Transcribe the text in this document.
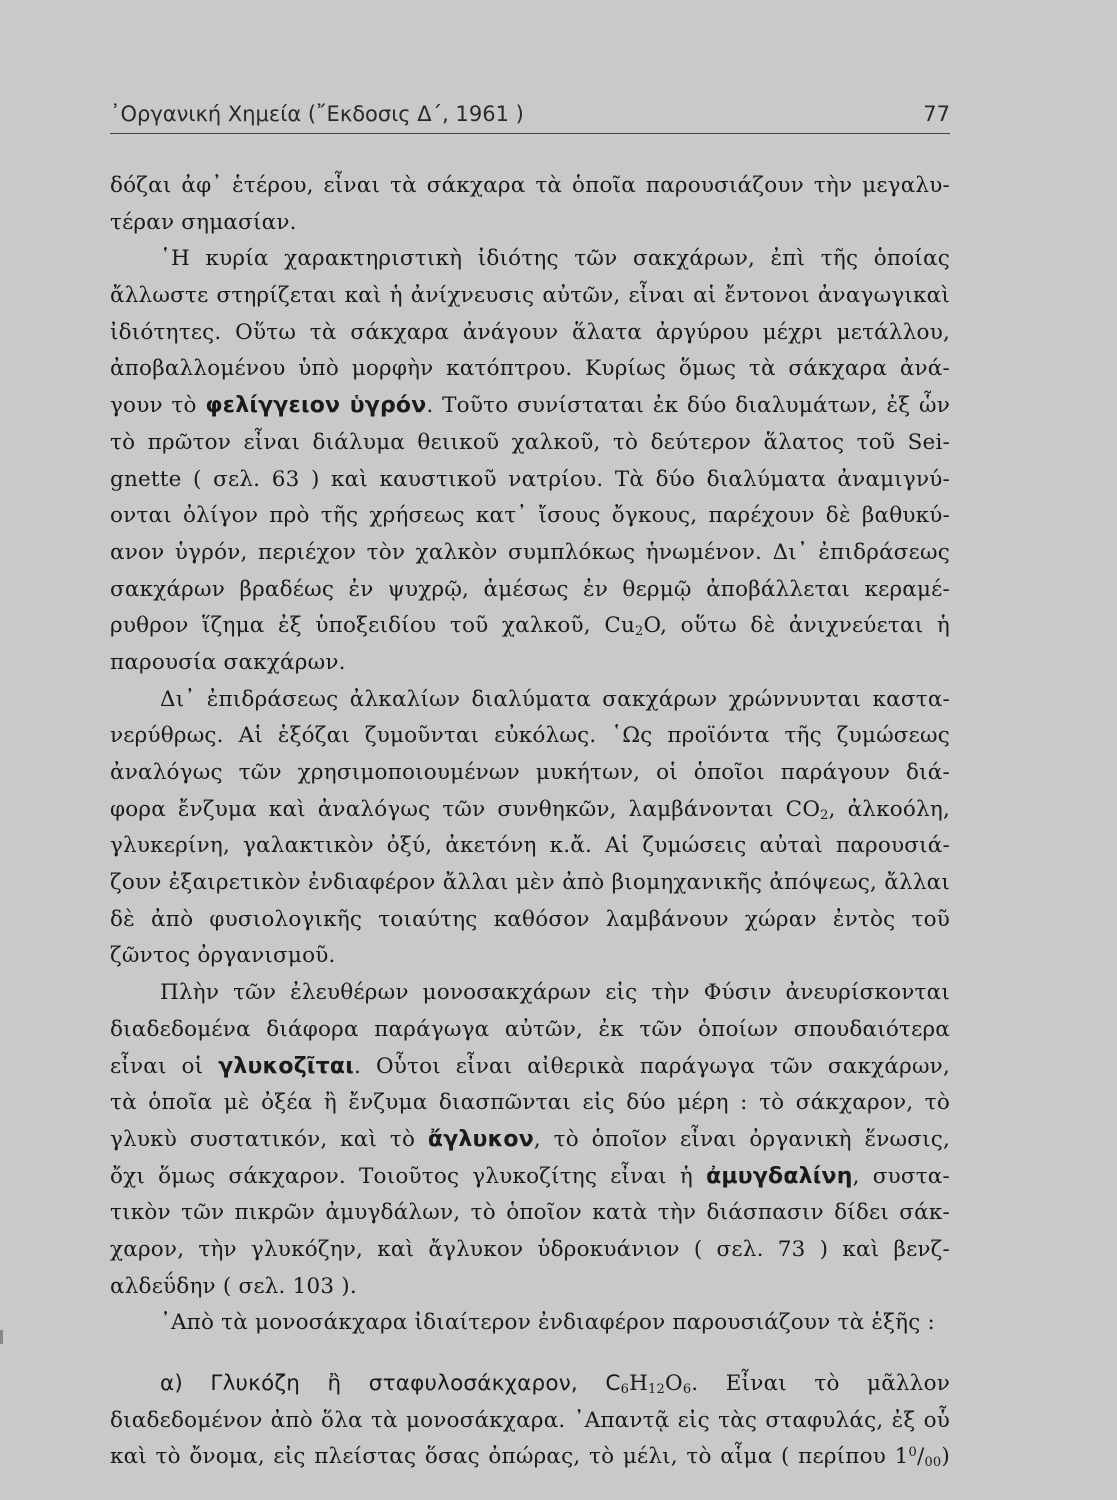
᾿Οργανική Χημεία (῎Εκδοσις Δ΄, 1961 )	77
δόζαι ἀφ᾿ ἑτέρου, εἶναι τὰ σάκχαρα τὰ ὁποῖα παρουσιάζουν τὴν μεγαλυ-
τέραν σημασίαν.
῾Η κυρία χαρακτηριστικὴ ἰδιότης τῶν σακχάρων, ἐπὶ τῆς ὁποίας
ἄλλωστε στηρίζεται καὶ ἡ ἀνίχνευσις αὐτῶν, εἶναι αἱ ἔντονοι ἀναγωγικαὶ
ἰδιότητες. Οὕτω τὰ σάκχαρα ἀνάγουν ἅλατα ἀργύρου μέχρι μετάλλου,
ἀποβαλλομένου ὑπὸ μορφὴν κατόπτρου. Κυρίως ὅμως τὰ σάκχαρα ἀνά-
γουν τὸ φελίγγειον ὑγρόν. Τοῦτο συνίσταται ἐκ δύο διαλυμάτων, ἐξ ὧν
τὸ πρῶτον εἶναι διάλυμα θειικοῦ χαλκοῦ, τὸ δεύτερον ἅλατος τοῦ Sei-
gnette ( σελ. 63 ) καὶ καυστικοῦ νατρίου. Τὰ δύο διαλύματα ἀναμιγνύ-
ονται ὀλίγον πρὸ τῆς χρήσεως κατ᾿ ἴσους ὄγκους, παρέχουν δὲ βαθυκύ-
ανον ὑγρόν, περιέχον τὸν χαλκὸν συμπλόκως ἡνωμένον. Δι᾿ ἐπιδράσεως
σακχάρων βραδέως ἐν ψυχρῷ, ἀμέσως ἐν θερμῷ ἀποβάλλεται κεραμέ-
ρυθρον ἵζημα ἐξ ὑποξειδίου τοῦ χαλκοῦ, $Cu_2O$, οὕτω δὲ ἀνιχνεύεται ἡ
παρουσία σακχάρων.
Δι᾿ ἐπιδράσεως ἀλκαλίων διαλύματα σακχάρων χρώννυνται καστα-
νερύθρως. Αἱ ἑξόζαι ζυμοῦνται εὐκόλως. ῾Ως προϊόντα τῆς ζυμώσεως
ἀναλόγως τῶν χρησιμοποιουμένων μυκήτων, οἱ ὁποῖοι παράγουν διά-
φορα ἔνζυμα καὶ ἀναλόγως τῶν συνθηκῶν, λαμβάνονται $CO_2$, ἀλκοόλη,
γλυκερίνη, γαλακτικὸν ὀξύ, ἀκετόνη κ.ἄ. Αἱ ζυμώσεις αὐταὶ παρουσιά-
ζουν ἐξαιρετικὸν ἐνδιαφέρον ἄλλαι μὲν ἀπὸ βιομηχανικῆς ἀπόψεως, ἄλλαι
δὲ ἀπὸ φυσιολογικῆς τοιαύτης καθόσον λαμβάνουν χώραν ἐντὸς τοῦ
ζῶντος ὀργανισμοῦ.
Πλὴν τῶν ἐλευθέρων μονοσακχάρων εἰς τὴν Φύσιν ἀνευρίσκονται
διαδεδομένα διάφορα παράγωγα αὐτῶν, ἐκ τῶν ὁποίων σπουδαιότερα
εἶναι οἱ γλυκοζῖται. Οὗτοι εἶναι αἰθερικὰ παράγωγα τῶν σακχάρων,
τὰ ὁποῖα μὲ ὀξέα ἢ ἔνζυμα διασπῶνται εἰς δύο μέρη : τὸ σάκχαρον, τὸ
γλυκὺ συστατικόν, καὶ τὸ ἄγλυκον, τὸ ὁποῖον εἶναι ὀργανικὴ ἕνωσις,
ὄχι ὅμως σάκχαρον. Τοιοῦτος γλυκοζίτης εἶναι ἡ ἀμυγδαλίνη, συστα-
τικὸν τῶν πικρῶν ἀμυγδάλων, τὸ ὁποῖον κατὰ τὴν διάσπασιν δίδει σάκ-
χαρον, τὴν γλυκόζην, καὶ ἄγλυκον ὑδροκυάνιον ( σελ. 73 ) καὶ βενζ-
αλδεΰδην ( σελ. 103 ).
᾿Απὸ τὰ μονοσάκχαρα ἰδιαίτερον ἐνδιαφέρον παρουσιάζουν τὰ ἑξῆς :
α) Γλυκόζη ἢ σταφυλοσάκχαρον, $C_6H_{12}O_6$. Εἶναι τὸ μᾶλλον
διαδεδομένον ἀπὸ ὅλα τὰ μονοσάκχαρα. ᾿Απαντᾷ εἰς τὰς σταφυλάς, ἐξ οὗ
καὶ τὸ ὄνομα, εἰς πλείστας ὅσας ὀπώρας, τὸ μέλι, τὸ αἷμα ( περίπου $1^0/_{00}$)
